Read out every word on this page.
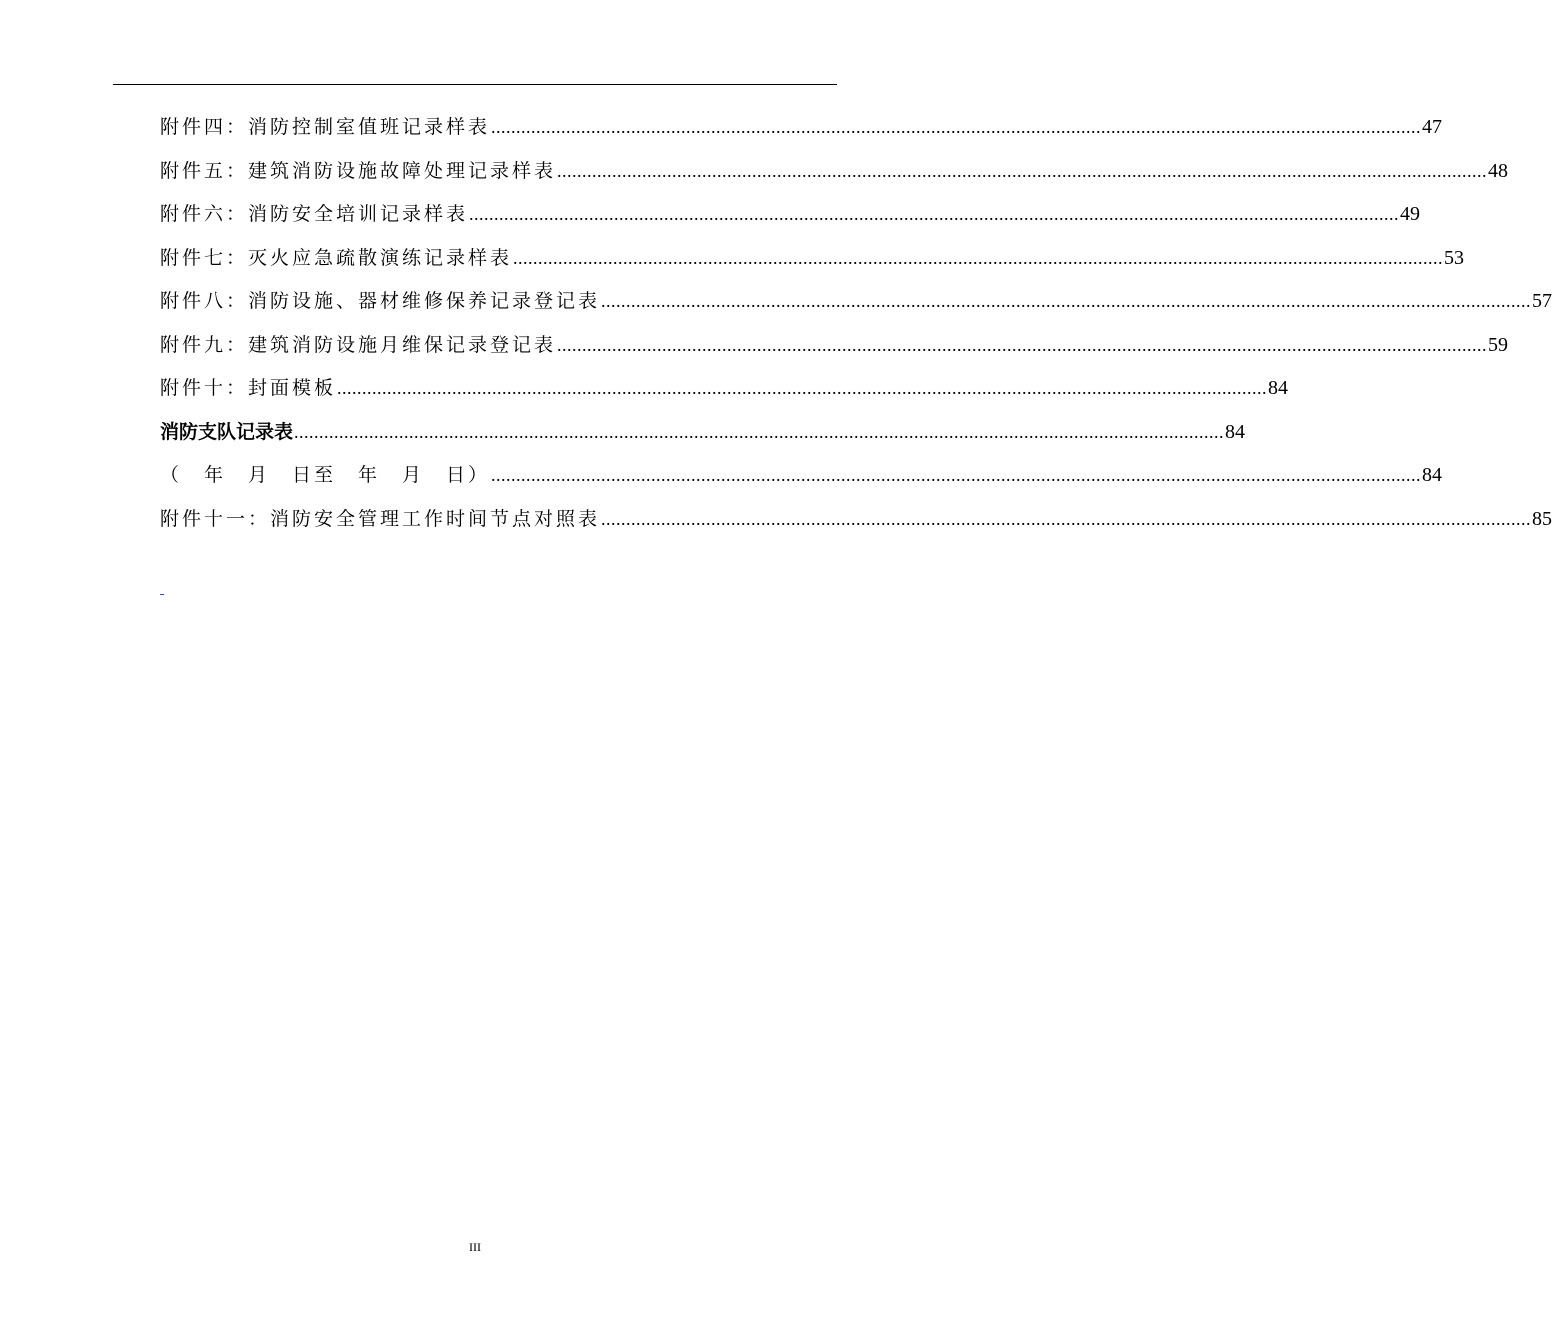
附件四：消防控制室值班记录样表 .......................................................................................................................................................................................... 47
附件五：建筑消防设施故障处理记录样表 .......................................................................................................................................................................................... 48
附件六：消防安全培训记录样表 .......................................................................................................................................................................................... 49
附件七：灭火应急疏散演练记录样表 .......................................................................................................................................................................................... 53
附件八：消防设施、器材维修保养记录登记表 .......................................................................................................................................................................................... 57
附件九：建筑消防设施月维保记录登记表 .......................................................................................................................................................................................... 59
附件十：封面模板 .......................................................................................................................................................................................... 84
消防支队记录表 .......................................................................................................................................................................................... 84
（　年　月　日至　年　月　日） .......................................................................................................................................................................................... 84
附件十一：消防安全管理工作时间节点对照表 .......................................................................................................................................................................................... 85
III
